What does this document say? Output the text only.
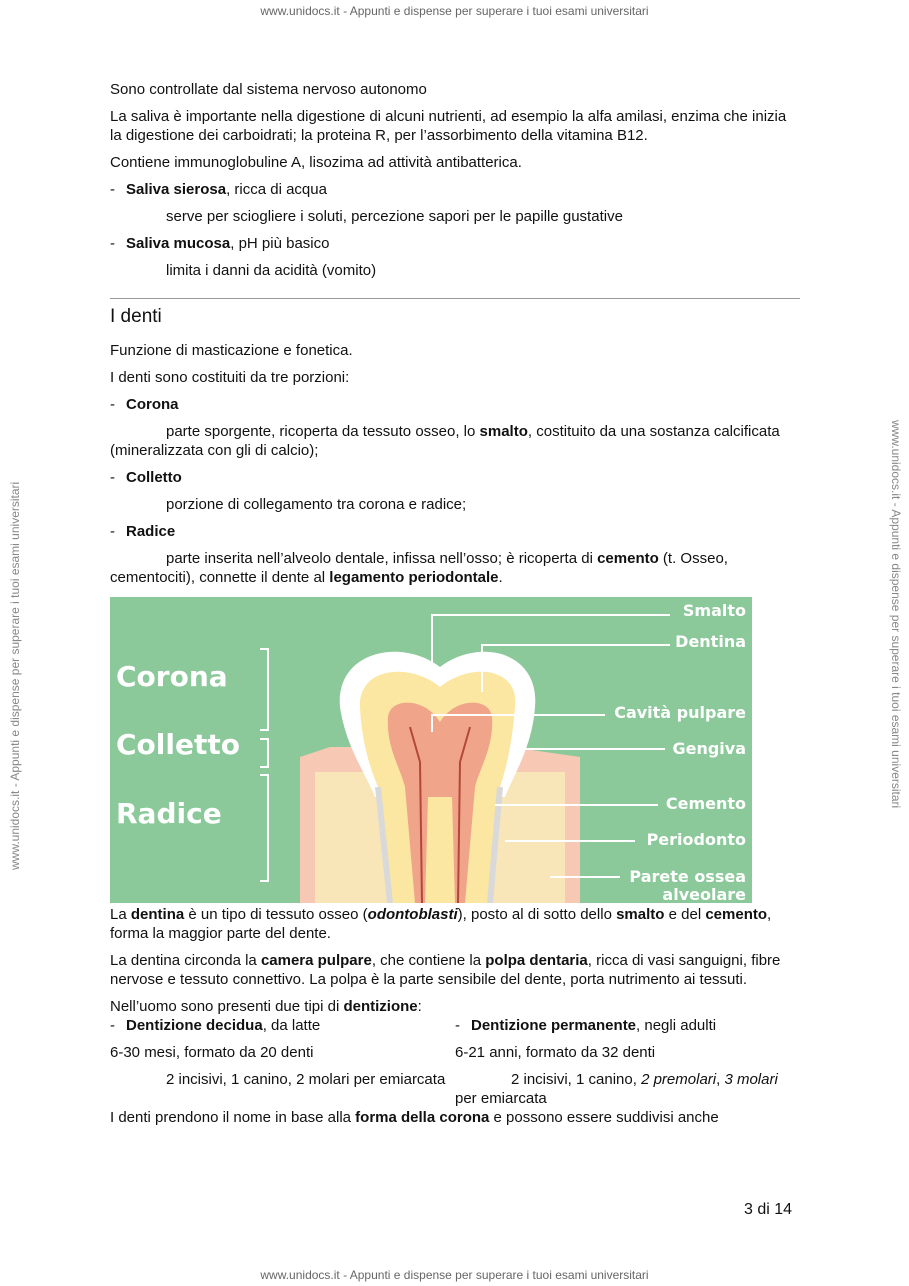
www.unidocs.it - Appunti e dispense per superare i tuoi esami universitari
www.unidocs.it - Appunti e dispense per superare i tuoi esami universitari	www.unidocs.it - Appunti e dispense per superare i tuoi esami universitari

Sono controllate dal sistema nervoso autonomo

La saliva è importante nella digestione di alcuni nutrienti, ad esempio la alfa amilasi, enzima che inizia la digestione dei carboidrati; la proteina R, per l’assorbimento della vitamina B12.

Contiene immunoglobuline A, lisozima ad attività antibatterica.

- Saliva sierosa, ricca di acqua

serve per sciogliere i soluti, percezione sapori per le papille gustative

- Saliva mucosa, pH più basico

limita i danni da acidità (vomito)

I denti

Funzione di masticazione e fonetica.

I denti sono costituiti da tre porzioni:

- Corona

parte sporgente, ricoperta da tessuto osseo, lo smalto, costituito da una sostanza calcificata (mineralizzata con gli di calcio);

- Colletto

porzione di collegamento tra corona e radice;

- Radice

parte inserita nell’alveolo dentale, infissa nell’osso; è ricoperta di cemento (t. Osseo, cementociti), connette il dente al legamento periodontale.

Corona
Colletto
Radice
Smalto
Dentina
Cavità pulpare
Gengiva
Cemento
Periodonto
Parete ossea
alveolare

La dentina è un tipo di tessuto osseo (odontoblasti), posto al di sotto dello smalto e del cemento, forma la maggior parte del dente.

La dentina circonda la camera pulpare, che contiene la polpa dentaria, ricca di vasi sanguigni, fibre nervose e tessuto connettivo. La polpa è la parte sensibile del dente, porta nutrimento ai tessuti.

Nell’uomo sono presenti due tipi di dentizione:

- Dentizione decidua, da latte

6-30 mesi, formato da 20 denti

2 incisivi, 1 canino, 2 molari per emiarcata

- Dentizione permanente, negli adulti

6-21 anni, formato da 32 denti

2 incisivi, 1 canino, 2 premolari, 3 molari per emiarcata

I denti prendono il nome in base alla forma della corona e possono essere suddivisi anche

3 di 14
www.unidocs.it - Appunti e dispense per superare i tuoi esami universitari
